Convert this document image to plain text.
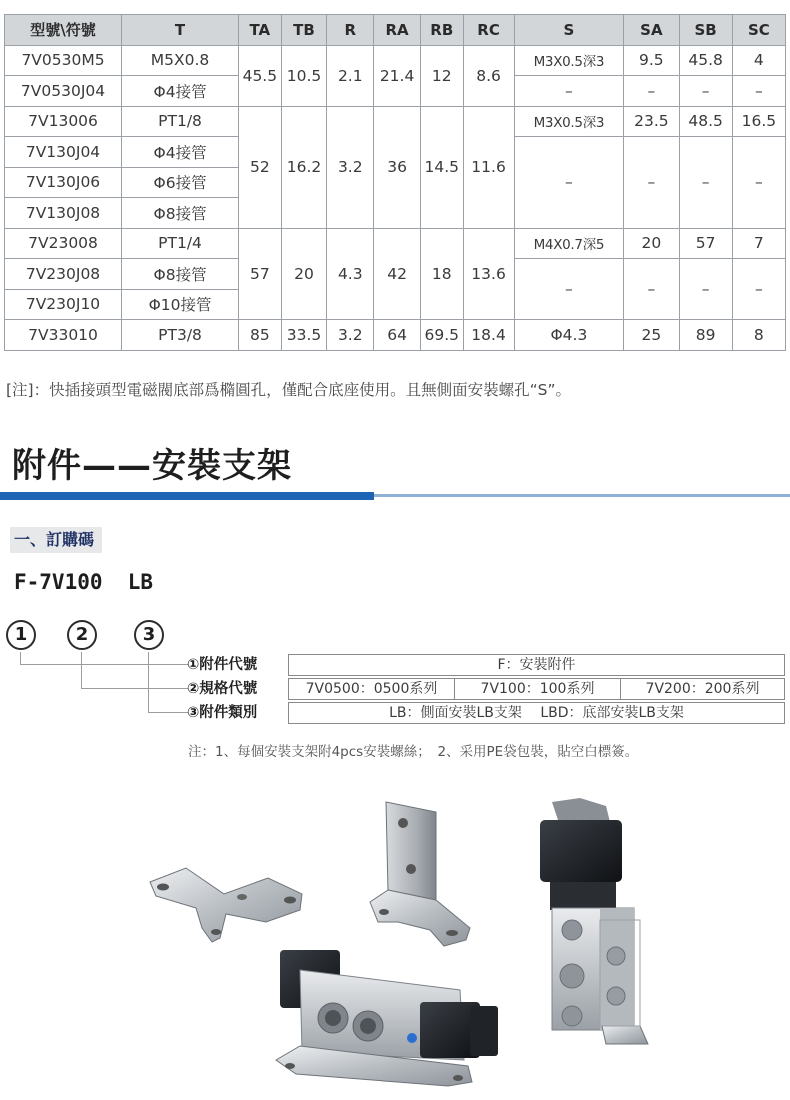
型號\符號	T	TA	TB	R	RA	RB	RC	S	SA	SB	SC
7V0530M5	M5X0.8	45.5	10.5	2.1	21.4	12	8.6	M3X0.5深3	9.5	45.8	4
7V0530J04	Φ4接管							–	–	–	–
7V13006	PT1/8	52	16.2	3.2	36	14.5	11.6	M3X0.5深3	23.5	48.5	16.5
7V130J04	Φ4接管							–	–	–	–
7V130J06	Φ6接管										
7V130J08	Φ8接管										
7V23008	PT1/4	57	20	4.3	42	18	13.6	M4X0.7深5	20	57	7
7V230J08	Φ8接管							–	–	–	–
7V230J10	Φ10接管										
7V33010	PT3/8	85	33.5	3.2	64	69.5	18.4	Φ4.3	25	89	8
[注]：快插接頭型電磁閥底部爲橢圓孔，僅配合底座使用。且無側面安裝螺孔“S”。
附件——安裝支架
一、訂購碼
F-7V100  LB
1	2	3
①附件代號	F：安裝附件
②規格代號	7V0500：0500系列	7V100：100系列	7V200：200系列
③附件類別	LB：側面安裝LB支架　 LBD：底部安裝LB支架
注：1、每個安裝支架附4pcs安裝螺絲；　2、采用PE袋包裝，貼空白標簽。
